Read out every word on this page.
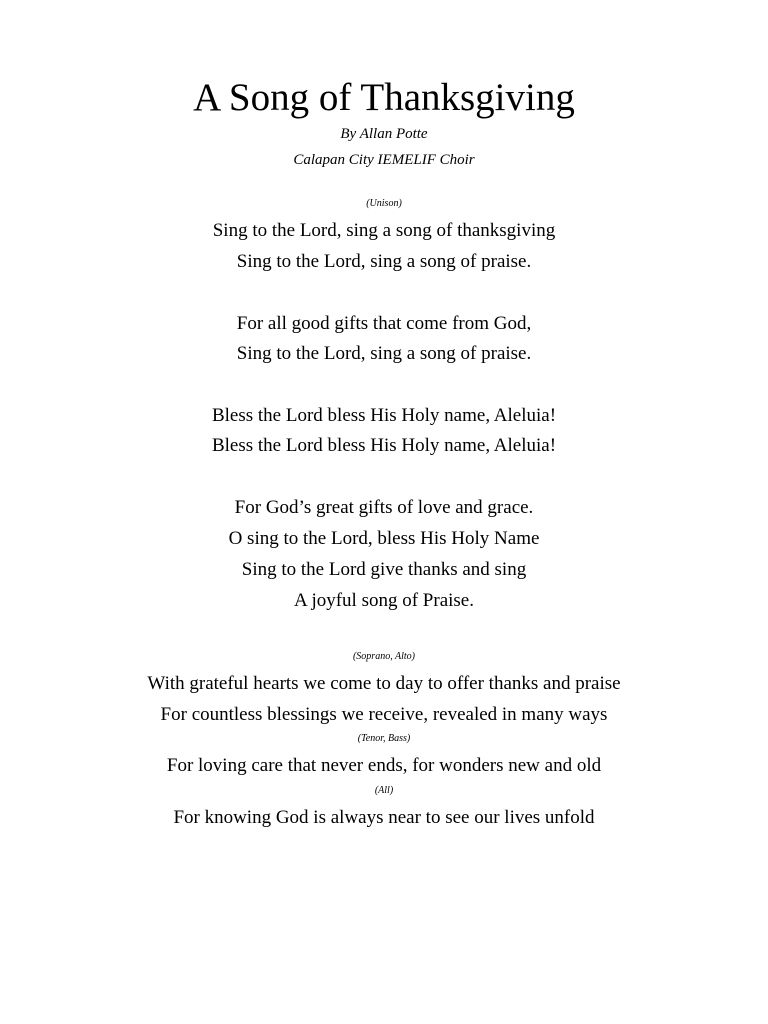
A Song of Thanksgiving
By Allan Potte
Calapan City IEMELIF Choir
(Unison)
Sing to the Lord, sing a song of thanksgiving
Sing to the Lord, sing a song of praise.
For all good gifts that come from God,
Sing to the Lord, sing a song of praise.
Bless the Lord bless His Holy name, Aleluia!
Bless the Lord bless His Holy name, Aleluia!
For God’s great gifts of love and grace.
O sing to the Lord, bless His Holy Name
Sing to the Lord give thanks and sing
A joyful song of Praise.
(Soprano, Alto)
With grateful hearts we come to day to offer thanks and praise
For countless blessings we receive, revealed in many ways
(Tenor, Bass)
For loving care that never ends, for wonders new and old
(All)
For knowing God is always near to see our lives unfold
